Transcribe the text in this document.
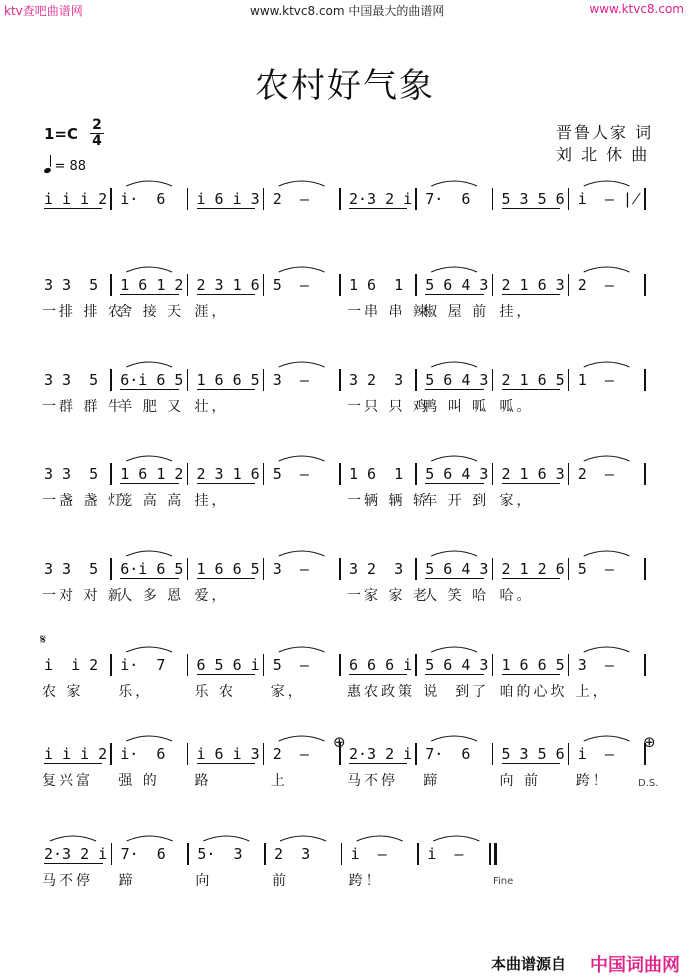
ktv查吧曲谱网	www.ktvc8.com 中国最大的曲谱网	www.ktvc8.com
农村好气象
晋鲁人家 词
刘 北 休 曲
1=C 2
4
= 88
i i i 2 i·  6 i 6 i 3 2  –	2·3 2 i 7·  6 5 3 5 6 i  – ∤
3 3  5 1 6 1 2 2 3 1 6 5  –	1 6  1 5 6 4 3 2 1 6 3 2  –
一排 排 农
舍 接 天 涯，	一串 串 辣
椒 屋 前 挂，
3 3  5 6·i 6 5 1 6 6 5 3  –	3 2  3 5 6 4 3 2 1 6 5 1  –
一群 群 牛
羊 肥 又 壮，	一只 只 鸡
鸭 叫 呱 呱。
3 3  5 1 6 1 2 2 3 1 6 5  –	1 6  1 5 6 4 3 2 1 6 3 2  –
一盏 盏 灯
笼 高 高 挂，	一辆 辆 轿
车 开 到 家，
3 3  5 6·i 6 5 1 6 6 5 3  –	3 2  3 5 6 4 3 2 1 2 6 5  –
一对 对 新
人 多 恩 爱，	一家 家 老
人 笑 哈 哈。
i  i 2 i·  7 6 5 6 i 5  –	6 6 6 i 5 6 4 3 1 6 6 5 3  –
农 家 乐，	乐 农 家，	惠农政策 说  到了 咱的心坎 上，
i i i 2 i·  6 i 6 i 3 2  –	2·3 2 i 7·  6 5 3 5 6 i  –
复兴富 强 的 路	上	马不停 蹄	向 前 跨！
2·3 2 i 7·  6 5·  3 2  3	i  –	i  –
马不停 蹄	向	前	跨！
𝄋
⊕	⊕
D.S.
Fine
本曲谱源自 中国词曲网
